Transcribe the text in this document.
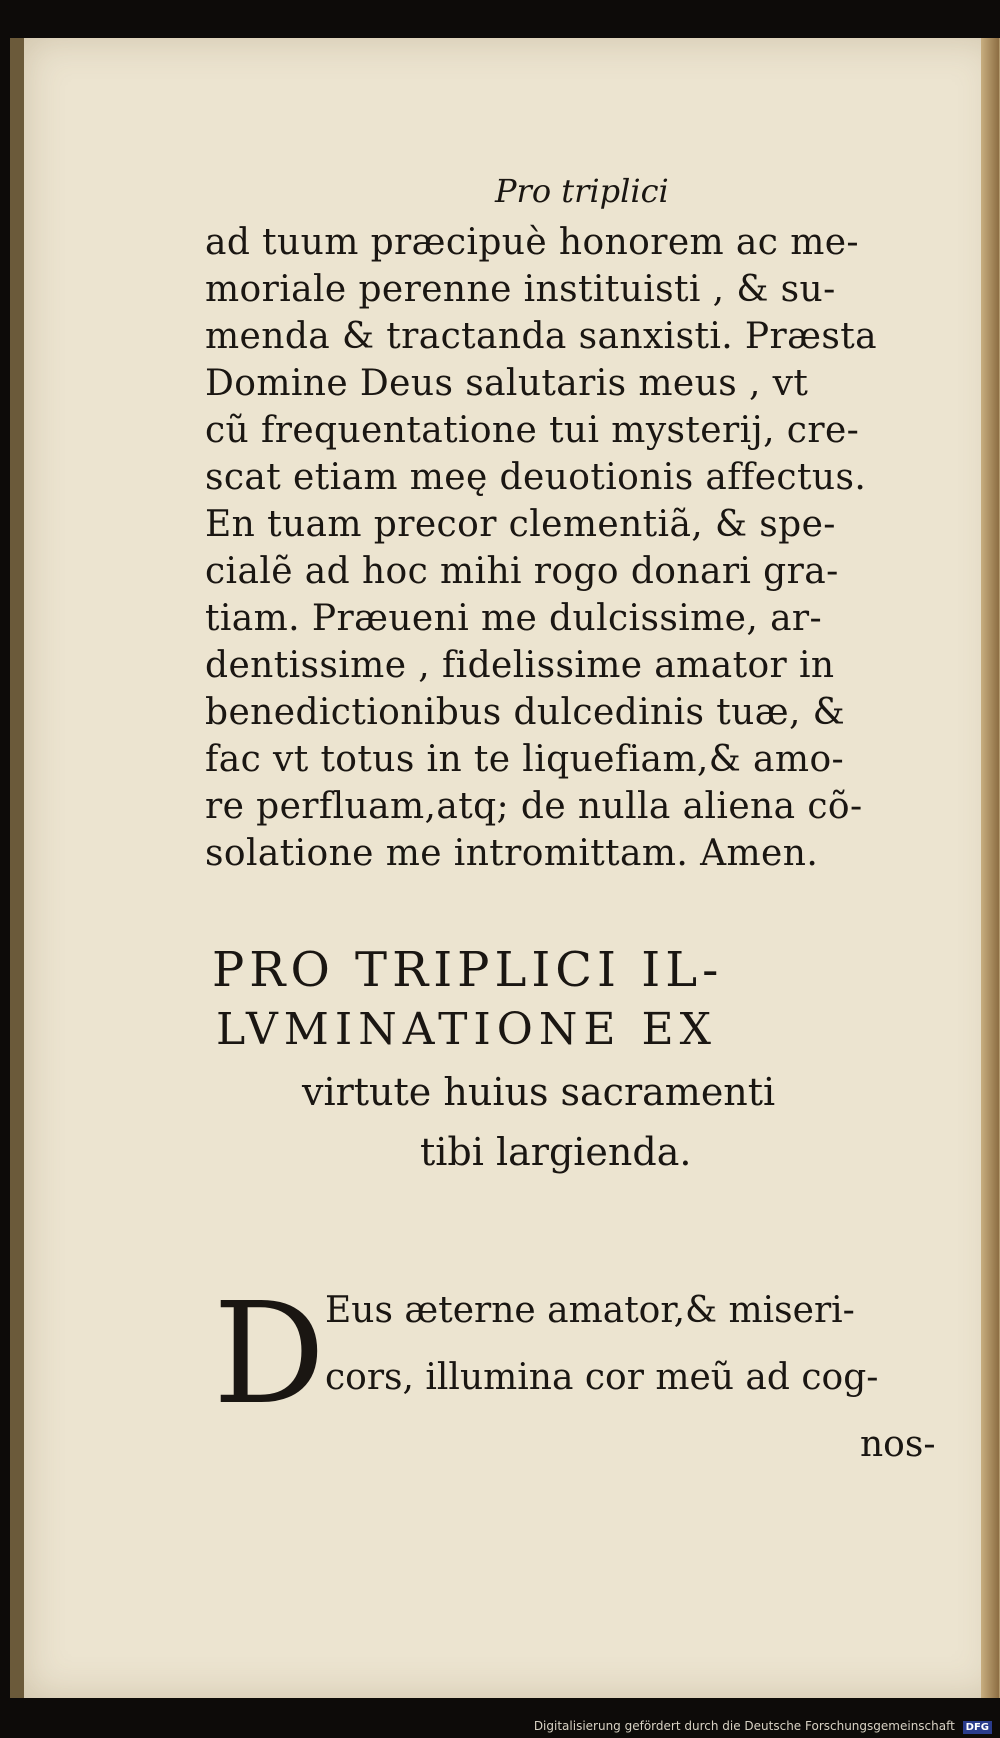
Pro triplici

ad tuum præcipuè honorem ac me-

moriale perenne instituisti , & su-

menda & tractanda sanxisti. Præsta

Domine Deus salutaris meus , vt

cũ frequentatione tui mysterij, cre-

scat etiam meę deuotionis affectus.

En tuam precor clementiã, & spe-

cialẽ ad hoc mihi rogo donari gra-

tiam. Præueni me dulcissime, ar-

dentissime , fidelissime amator in

benedictionibus dulcedinis tuæ, &

fac vt totus in te liquefiam,& amo-

re perfluam,atq; de nulla aliena cõ-

solatione me intromittam. Amen.

PRO TRIPLICI IL-

LVMINATIONE EX

virtute huius sacramenti

tibi largienda.

D Eus æterne amator,& miseri-

cors, illumina cor meũ ad cog-

nos-

Digitalisierung gefördert durch die Deutsche Forschungsgemeinschaft DFG
